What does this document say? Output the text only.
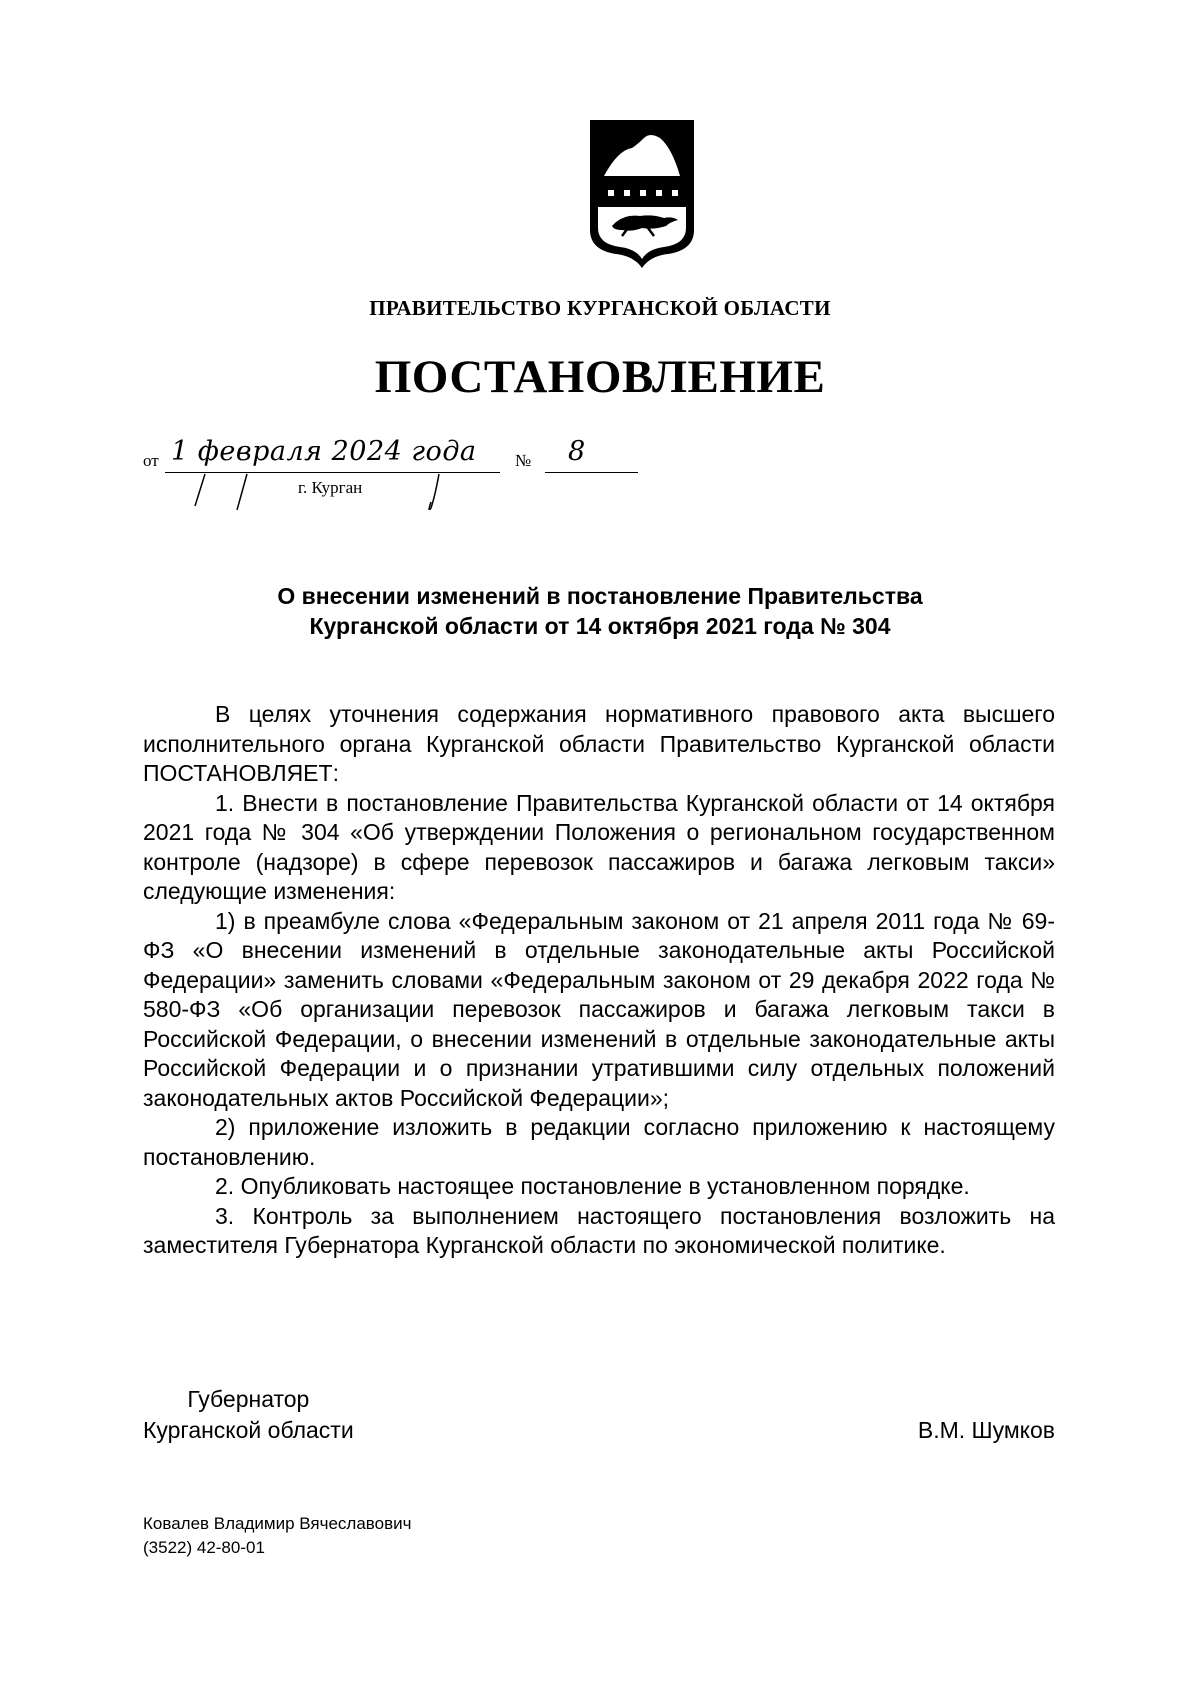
ПРАВИТЕЛЬСТВО КУРГАНСКОЙ ОБЛАСТИ
ПОСТАНОВЛЕНИЕ
от 1 февраля 2024 года № 8
г. Курган
О внесении изменений в постановление Правительства
Курганской области от 14 октября 2021 года № 304

В целях уточнения содержания нормативного правового акта высшего исполнительного органа Курганской области Правительство Курганской области ПОСТАНОВЛЯЕТ:

1. Внести в постановление Правительства Курганской области от 14 октября 2021 года № 304 «Об утверждении Положения о региональном государственном контроле (надзоре) в сфере перевозок пассажиров и багажа легковым такси» следующие изменения:

1) в преамбуле слова «Федеральным законом от 21 апреля 2011 года № 69-ФЗ «О внесении изменений в отдельные законодательные акты Российской Федерации» заменить словами «Федеральным законом от 29 декабря 2022 года № 580-ФЗ «Об организации перевозок пассажиров и багажа легковым такси в Российской Федерации, о внесении изменений в отдельные законодательные акты Российской Федерации и о признании утратившими силу отдельных положений законодательных актов Российской Федерации»;

2) приложение изложить в редакции согласно приложению к настоящему постановлению.

2. Опубликовать настоящее постановление в установленном порядке.

3. Контроль за выполнением настоящего постановления возложить на заместителя Губернатора Курганской области по экономической политике.

Губернатор
Курганской области	В.М. Шумков
Ковалев Владимир Вячеславович
(3522) 42-80-01
